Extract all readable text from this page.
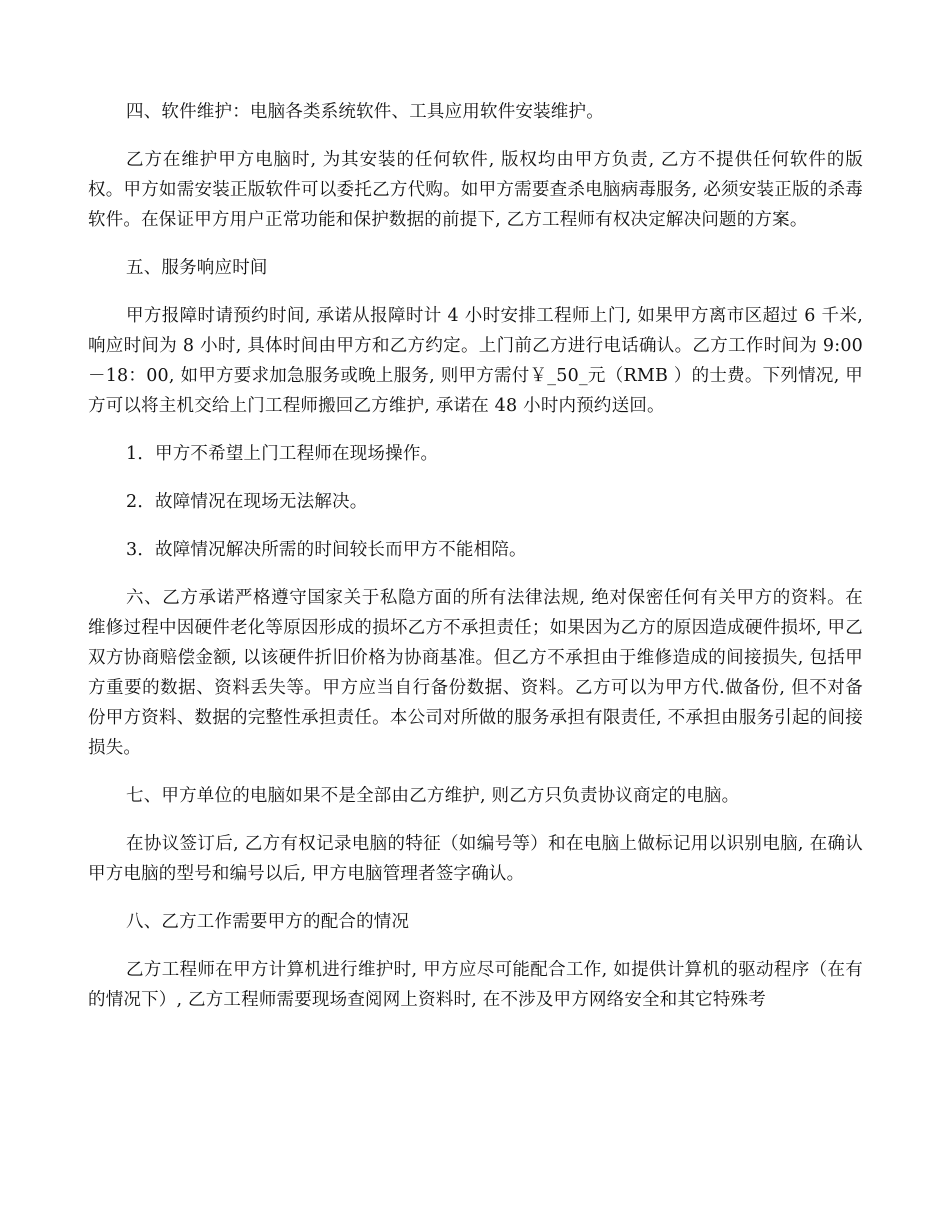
四、软件维护：电脑各类系统软件、工具应用软件安装维护。

乙方在维护甲方电脑时, 为其安装的任何软件, 版权均由甲方负责, 乙方不提供任何软件的版权。甲方如需安装正版软件可以委托乙方代购。如甲方需要查杀电脑病毒服务, 必须安装正版的杀毒软件。在保证甲方用户正常功能和保护数据的前提下, 乙方工程师有权决定解决问题的方案。

五、服务响应时间

甲方报障时请预约时间, 承诺从报障时计 4 小时安排工程师上门, 如果甲方离市区超过 6 千米, 响应时间为 8 小时, 具体时间由甲方和乙方约定。上门前乙方进行电话确认。乙方工作时间为 9:00－18：00, 如甲方要求加急服务或晚上服务, 则甲方需付￥_50_元（RMB ）的士费。下列情况, 甲方可以将主机交给上门工程师搬回乙方维护, 承诺在 48 小时内预约送回。

1．甲方不希望上门工程师在现场操作。

2．故障情况在现场无法解决。

3．故障情况解决所需的时间较长而甲方不能相陪。

六、乙方承诺严格遵守国家关于私隐方面的所有法律法规, 绝对保密任何有关甲方的资料。在维修过程中因硬件老化等原因形成的损坏乙方不承担责任；如果因为乙方的原因造成硬件损坏, 甲乙双方协商赔偿金额, 以该硬件折旧价格为协商基准。但乙方不承担由于维修造成的间接损失, 包括甲方重要的数据、资料丢失等。甲方应当自行备份数据、资料。乙方可以为甲方代.做备份, 但不对备份甲方资料、数据的完整性承担责任。本公司对所做的服务承担有限责任, 不承担由服务引起的间接损失。

七、甲方单位的电脑如果不是全部由乙方维护, 则乙方只负责协议商定的电脑。

在协议签订后, 乙方有权记录电脑的特征（如编号等）和在电脑上做标记用以识别电脑, 在确认甲方电脑的型号和编号以后, 甲方电脑管理者签字确认。

八、乙方工作需要甲方的配合的情况

乙方工程师在甲方计算机进行维护时, 甲方应尽可能配合工作, 如提供计算机的驱动程序（在有的情况下）, 乙方工程师需要现场查阅网上资料时, 在不涉及甲方网络安全和其它特殊考
